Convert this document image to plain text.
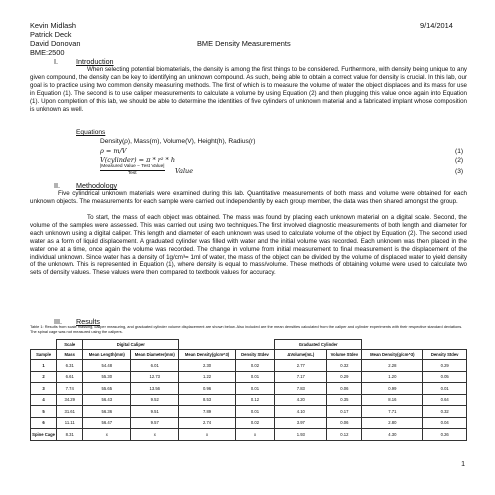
Kevin Midlash
Patrick Deck
David Donovan
BME:2500
9/14/2014
BME Density Measurements
I.	Introduction
When selecting potential biomaterials, the density is among the first things to be considered. Furthermore, with density being unique to any given compound, the density can be key to identifying an unknown compound. As such, being able to obtain a correct value for density is crucial. In this lab, our goal is to practice using two common density measuring methods. The first of which is to measure the volume of water the object displaces and its mass for use in Equation (1). The second is to use caliper measurements to calculate a volume by using Equation (2) and then plugging this value once again into Equation (1). Upon completion of this lab, we should be able to determine the identities of five cylinders of unknown material and a fabricated implant whose composition is unknown as well.
Equations
Density(ρ), Mass(m), Volume(V), Height(h), Radius(r)
ρ = m/V	(1)
V(cylinder) = π * r² * h	(2)
|Measured Value − Test Value|
Test	Value	(3)
II. Methodology
Five cylindrical unknown materials were examined during this lab. Quantitative measurements of both mass and volume were obtained for each unknown objects. The measurements for each sample were carried out independently by each group member, the data was then shared amongst the group.
To start, the mass of each object was obtained. The mass was found by placing each unknown material on a digital scale. Second, the volume of the samples were assessed. This was carried out using two techniques.The first involved diagnostic measurements of both length and diameter for each unknown using a digital caliper. This length and diameter of each unknown was used to calculate volume of the object by Equation (2). The second used water as a form of liquid displacement. A graduated cylinder was filled with water and the initial volume was recorded. Each unknown was then placed in the water one at a time, once again the volume was recorded. The change in volume from initial measurement to final measurement is the displacement of the individual unknown. Since water has a density of 1g/cm³= 1ml of water, the mass of the object can be divided by the volume of displaced water to yield density of the unknown. This is represented in Equation (1), where density is equal to mass/volume. These methods of obtaining volume were used to calculate two sets of density values. These values were then compared to textbook values for accuracy.
III. Results
Table 1: Results from scale massing, caliper measuring, and graduated cylinder volume displacement are shown below. Also included are the mean densities calculated from the caliper and cylinder experiments with their respective standard deviations. The spinal cage was not measured using the calipers.
	Scale	Digital Caliper				Graduated Cylinder			
Sample	Mass	Mean Length(mm)	Mean Diameter(mm)	Mean Density(g/cm^3)	Density Stdev	ΔVolume(mL)	Volume Stdev	Mean Density(g/cm^3)	Density Stdev
1	6.31	54.48	6.01	2.30	0.02	2.77	0.32	2.28	0.29
2	6.61	55.30	12.73	1.22	0.01	7.17	0.29	1.20	0.05
3	7.74	55.65	13.56	0.96	0.01	7.83	0.06	0.99	0.01
4	34.29	56.43	9.52	8.53	0.12	4.20	0.35	8.16	0.64
5	31.61	56.36	9.51	7.89	0.01	4.10	0.17	7.71	0.32
6	11.11	56.47	9.57	2.74	0.02	3.97	0.06	2.80	0.04
Spine Cage	8.31	x	x	x	x	1.93	0.12	4.30	0.26
1
